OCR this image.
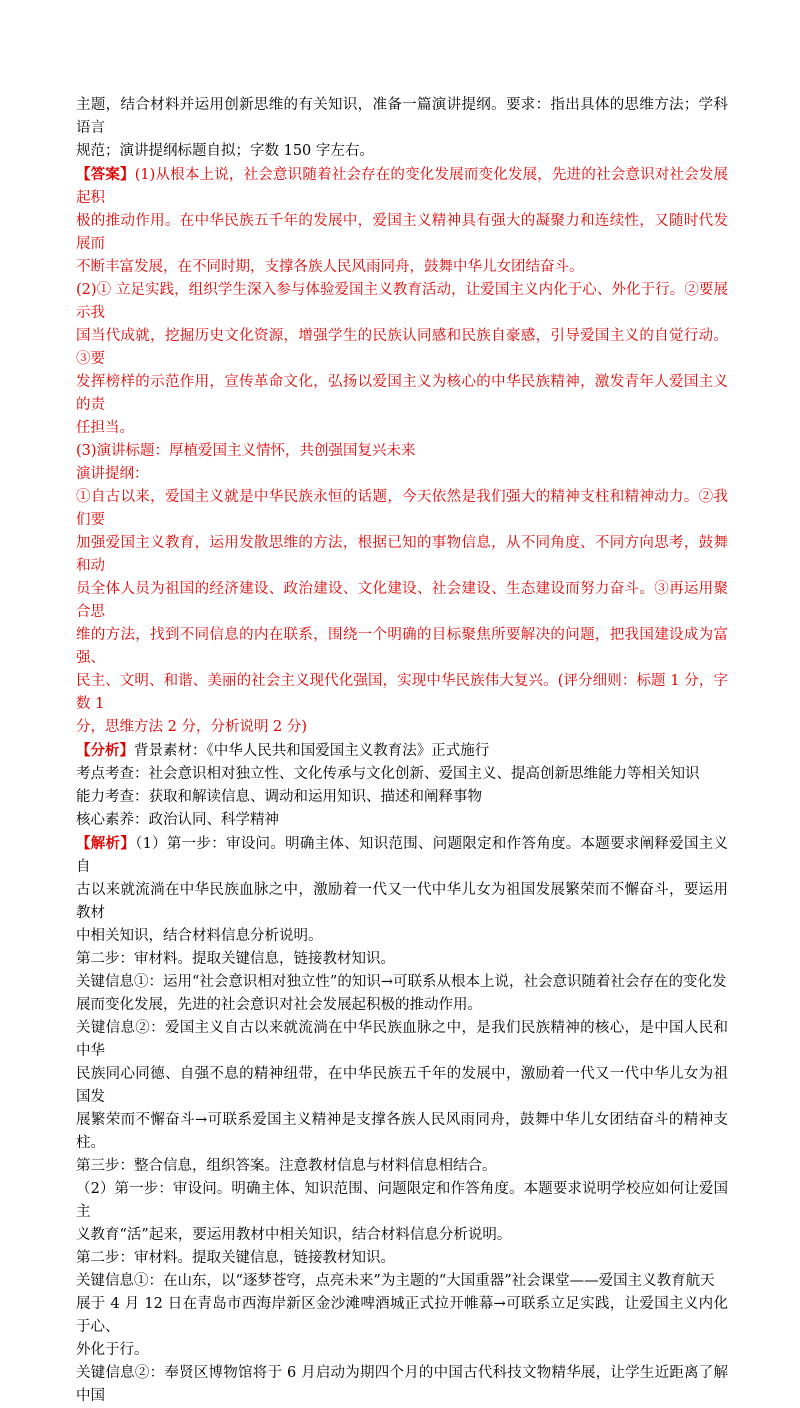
主题，结合材料并运用创新思维的有关知识，准备一篇演讲提纲。要求：指出具体的思维方法；学科语言

规范；演讲提纲标题自拟；字数 150 字左右。

【答案】(1)从根本上说，社会意识随着社会存在的变化发展而变化发展，先进的社会意识对社会发展起积

极的推动作用。在中华民族五千年的发展中，爱国主义精神具有强大的凝聚力和连续性，又随时代发展而

不断丰富发展，在不同时期，支撑各族人民风雨同舟，鼓舞中华儿女团结奋斗。

(2)① 立足实践，组织学生深入参与体验爱国主义教育活动，让爱国主义内化于心、外化于行。②要展示我

国当代成就，挖掘历史文化资源，增强学生的民族认同感和民族自豪感，引导爱国主义的自觉行动。③要

发挥榜样的示范作用，宣传革命文化，弘扬以爱国主义为核心的中华民族精神，激发青年人爱国主义的责

任担当。

(3)演讲标题：厚植爱国主义情怀，共创强国复兴未来

演讲提纲：

①自古以来，爱国主义就是中华民族永恒的话题，今天依然是我们强大的精神支柱和精神动力。②我们要

加强爱国主义教育，运用发散思维的方法，根据已知的事物信息，从不同角度、不同方向思考，鼓舞和动

员全体人员为祖国的经济建设、政治建设、文化建设、社会建设、生态建设而努力奋斗。③再运用聚合思

维的方法，找到不同信息的内在联系，围绕一个明确的目标聚焦所要解决的问题，把我国建设成为富强、

民主、文明、和谐、美丽的社会主义现代化强国，实现中华民族伟大复兴。(评分细则：标题 1 分，字数 1

分，思维方法 2 分，分析说明 2 分)

【分析】背景素材：《中华人民共和国爱国主义教育法》正式施行

考点考查：社会意识相对独立性、文化传承与文化创新、爱国主义、提高创新思维能力等相关知识

能力考查：获取和解读信息、调动和运用知识、描述和阐释事物

核心素养：政治认同、科学精神

【解析】（1）第一步：审设问。明确主体、知识范围、问题限定和作答角度。本题要求阐释爱国主义自

古以来就流淌在中华民族血脉之中，激励着一代又一代中华儿女为祖国发展繁荣而不懈奋斗，要运用教材

中相关知识，结合材料信息分析说明。

第二步：审材料。提取关键信息，链接教材知识。

关键信息①：运用“社会意识相对独立性”的知识→可联系从根本上说，社会意识随着社会存在的变化发

展而变化发展，先进的社会意识对社会发展起积极的推动作用。

关键信息②：爱国主义自古以来就流淌在中华民族血脉之中，是我们民族精神的核心，是中国人民和中华

民族同心同德、自强不息的精神纽带，在中华民族五千年的发展中，激励着一代又一代中华儿女为祖国发

展繁荣而不懈奋斗→可联系爱国主义精神是支撑各族人民风雨同舟，鼓舞中华儿女团结奋斗的精神支柱。

第三步：整合信息，组织答案。注意教材信息与材料信息相结合。

（2）第一步：审设问。明确主体、知识范围、问题限定和作答角度。本题要求说明学校应如何让爱国主

义教育“活”起来，要运用教材中相关知识，结合材料信息分析说明。

第二步：审材料。提取关键信息，链接教材知识。

关键信息①：在山东，以“逐梦苍穹，点亮未来”为主题的“大国重器”社会课堂——爱国主义教育航天

展于 4 月 12 日在青岛市西海岸新区金沙滩啤酒城正式拉开帷幕→可联系立足实践，让爱国主义内化于心、

外化于行。

关键信息②：奉贤区博物馆将于 6 月启动为期四个月的中国古代科技文物精华展，让学生近距离了解中国
